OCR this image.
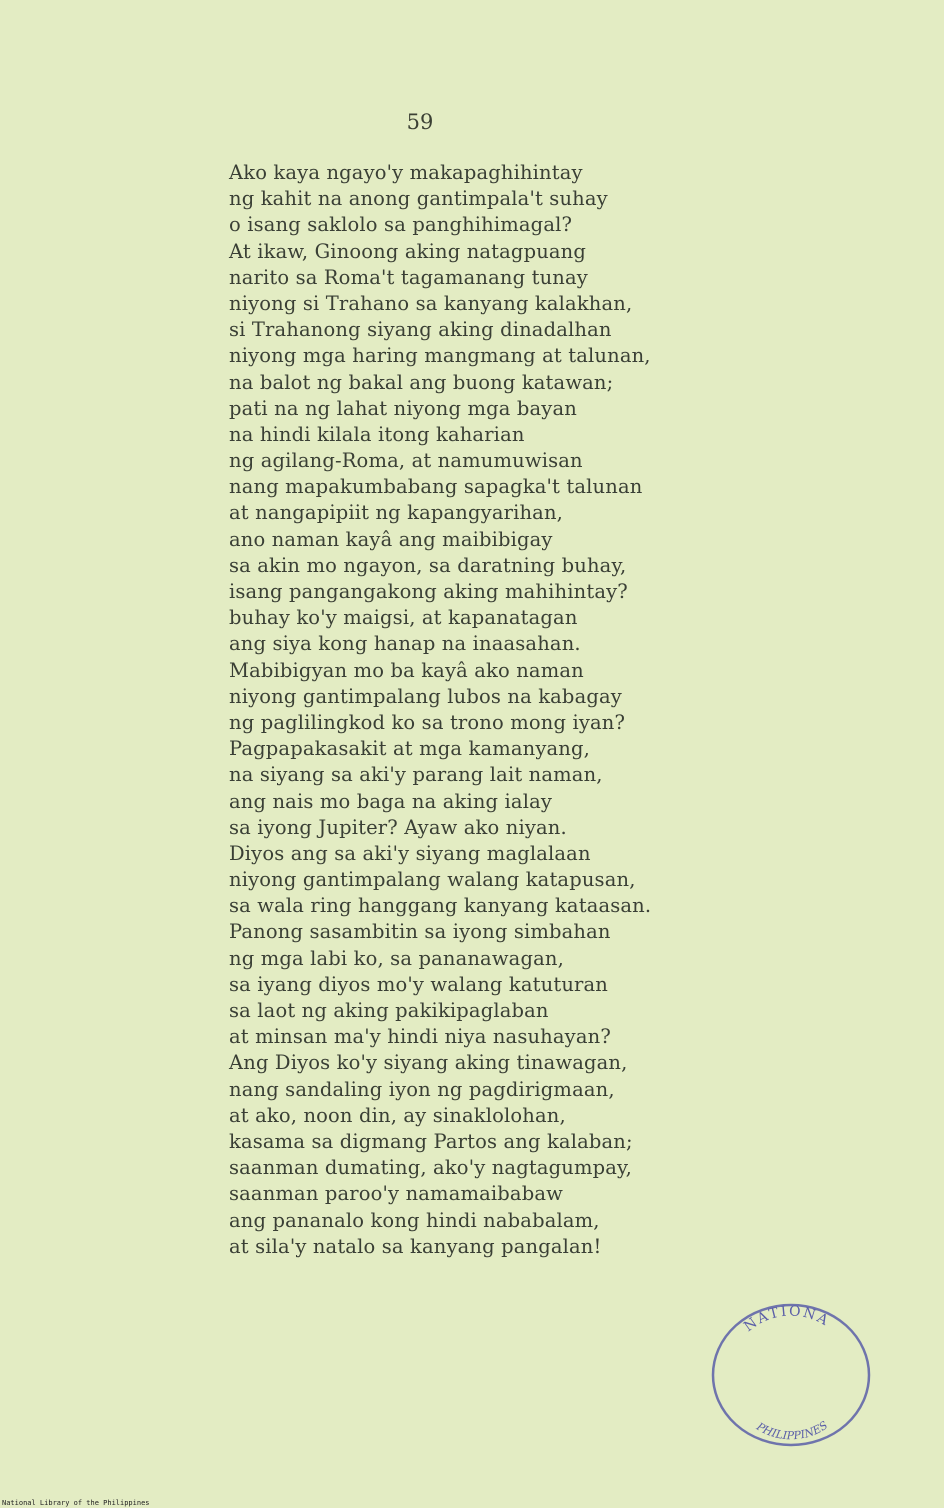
59
Ako kaya ngayo'y makapaghihintay
ng kahit na anong gantimpala't suhay
o isang saklolo sa panghihimagal?
At ikaw, Ginoong aking natagpuang
narito sa Roma't tagamanang tunay
niyong si Trahano sa kanyang kalakhan,
si Trahanong siyang aking dinadalhan
niyong mga haring mangmang at talunan,
na balot ng bakal ang buong katawan;
pati na ng lahat niyong mga bayan
na hindi kilala itong kaharian
ng agilang-Roma, at namumuwisan
nang mapakumbabang sapagka't talunan
at nangapipiit ng kapangyarihan,
ano naman kayâ ang maibibigay
sa akin mo ngayon, sa daratning buhay,
isang pangangakong aking mahihintay?
buhay ko'y maigsi, at kapanatagan
ang siya kong hanap na inaasahan.
Mabibigyan mo ba kayâ ako naman
niyong gantimpalang lubos na kabagay
ng paglilingkod ko sa trono mong iyan?
Pagpapakasakit at mga kamanyang,
na siyang sa aki'y parang lait naman,
ang nais mo baga na aking ialay
sa iyong Jupiter? Ayaw ako niyan.
Diyos ang sa aki'y siyang maglalaan
niyong gantimpalang walang katapusan,
sa wala ring hanggang kanyang kataasan.
Panong sasambitin sa iyong simbahan
ng mga labi ko, sa pananawagan,
sa iyang diyos mo'y walang katuturan
sa laot ng aking pakikipaglaban
at minsan ma'y hindi niya nasuhayan?
Ang Diyos ko'y siyang aking tinawagan,
nang sandaling iyon ng pagdirigmaan,
at ako, noon din, ay sinaklolohan,
kasama sa digmang Partos ang kalaban;
saanman dumating, ako'y nagtagumpay,
saanman paroo'y namamaibabaw
ang pananalo kong hindi nababalam,
at sila'y natalo sa kanyang pangalan!
NATIONA
PHILIPPINES
National Library of the Philippines
